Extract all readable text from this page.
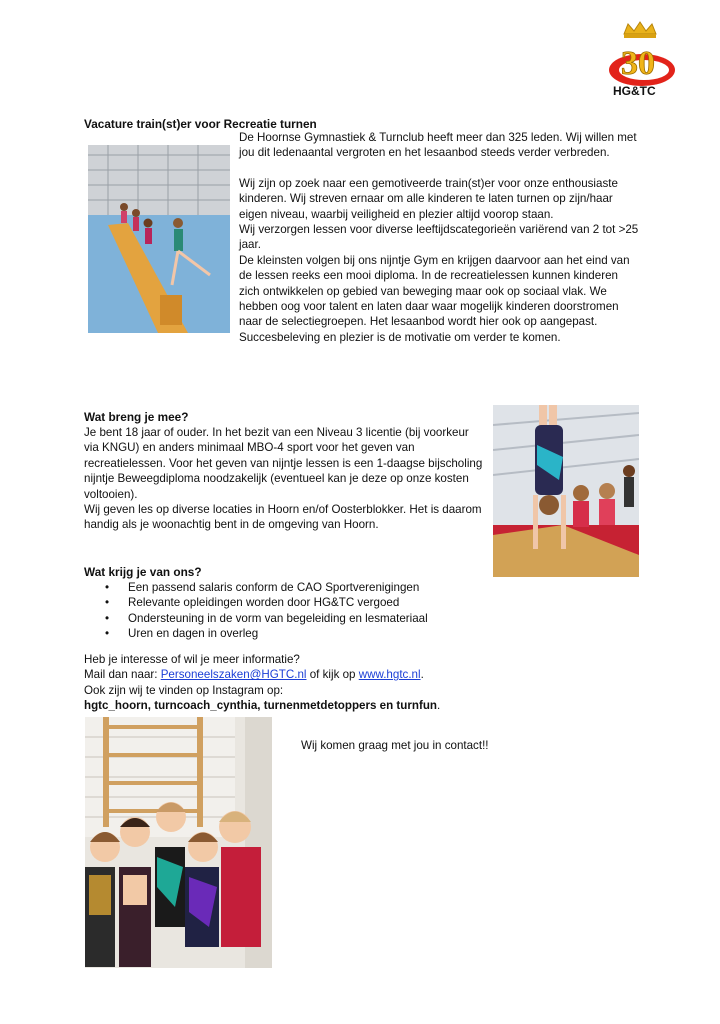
30
HG&TC
Vacature train(st)er voor Recreatie turnen

De Hoornse Gymnastiek & Turnclub heeft meer dan 325 leden. Wij willen met jou dit ledenaantal vergroten en het lesaanbod steeds verder verbreden.

Wij zijn op zoek naar een gemotiveerde train(st)er voor onze enthousiaste kinderen. Wij streven ernaar om alle kinderen te laten turnen op zijn/haar eigen niveau, waarbij veiligheid en plezier altijd voorop staan.

Wij verzorgen lessen voor diverse leeftijdscategorieën variërend van 2 tot >25 jaar.

De kleinsten volgen bij ons nijntje Gym en krijgen daarvoor aan het eind van de lessen reeks een mooi diploma. In de recreatielessen kunnen kinderen zich ontwikkelen op gebied van beweging maar ook op sociaal vlak. We hebben oog voor talent en laten daar waar mogelijk kinderen doorstromen naar de selectiegroepen. Het lesaanbod wordt hier ook op aangepast.

Succesbeleving en plezier is de motivatie om verder te komen.

Wat breng je mee?

Je bent 18 jaar of ouder. In het bezit van een Niveau 3 licentie (bij voorkeur via KNGU) en anders minimaal MBO-4 sport voor het geven van recreatielessen. Voor het geven van nijntje lessen is een 1-daagse bijscholing nijntje Beweegdiploma noodzakelijk (eventueel kan je deze op onze kosten voltooien).

Wij geven les op diverse locaties in Hoorn en/of Oosterblokker. Het is daarom handig als je woonachtig bent in de omgeving van Hoorn.

Wat krijg je van ons?
• Een passend salaris conform de CAO Sportverenigingen
• Relevante opleidingen worden door HG&TC vergoed
• Ondersteuning in de vorm van begeleiding en lesmateriaal
• Uren en dagen in overleg

Heb je interesse of wil je meer informatie?

Mail dan naar: Personeelszaken@HGTC.nl of kijk op www.hgtc.nl.

Ook zijn wij te vinden op Instagram op:

hgtc_hoorn, turncoach_cynthia, turnenmetdetoppers en turnfun.

Wij komen graag met jou in contact!!
